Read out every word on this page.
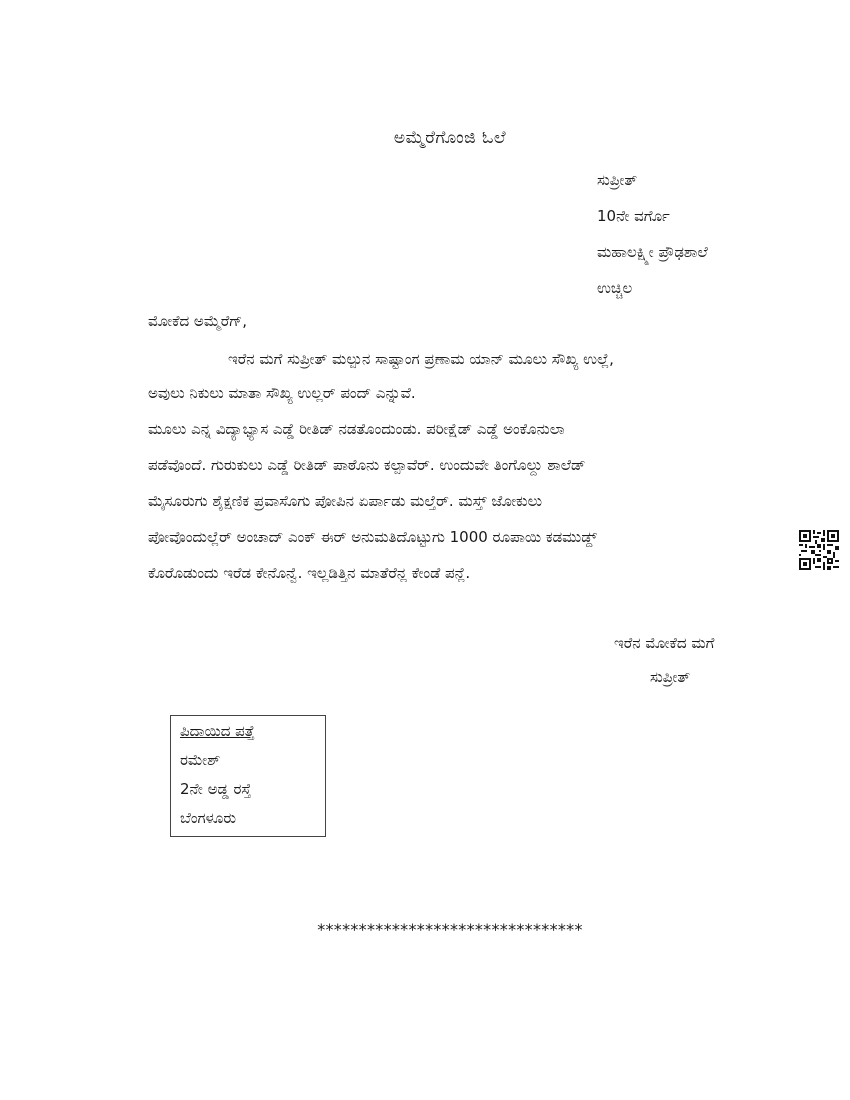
ಅಮ್ಮೆರೆಗೊಂಜಿ ಓಲೆ
ಸುಪ್ರೀತ್
10ನೇ ವರ್ಗೊ
ಮಹಾಲಕ್ಷ್ಮೀ ಪ್ರೌಢಶಾಲೆ
ಉಚ್ಚಿಲ
ಮೋಕೆದ ಅಮ್ಮೆರೆಗ್,
ಇರೆನ ಮಗೆ ಸುಪ್ರೀತ್ ಮಲ್ಪುನ ಸಾಷ್ಟಾಂಗ ಪ್ರಣಾಮ ಯಾನ್ ಮೂಲು ಸೌಖ್ಯ ಉಲ್ಲೆ,
ಅವುಲು ನಿಕುಲು ಮಾತಾ ಸೌಖ್ಯ ಉಲ್ಲರ್ ಪಂದ್ ಎನ್ನುವೆ.
ಮೂಲು ಎನ್ನ ವಿದ್ಯಾಭ್ಯಾಸ ಎಡ್ಡೆ ರೀತಿಡ್ ನಡತೊಂದುಂಡು. ಪರೀಕ್ಷೆಡ್ ಎಡ್ಡೆ ಅಂಕೊನುಲಾ
ಪಡೆವೊಂದೆ. ಗುರುಕುಲು ಎಡ್ಡೆ ರೀತಿಡ್ ಪಾಠೊನು ಕಲ್ಪಾವೆರ್. ಉಂದುವೇ ತಿಂಗೊಲ್ದು ಶಾಲೆಡ್
ಮೈಸೂರುಗು ಶೈಕ್ಷಣಿಕ ಪ್ರವಾಸೊಗು ಪೋಪಿನ ಏರ್ಪಾಡು ಮಲ್ತೆರ್. ಮಸ್ತ್ ಜೋಕುಲು
ಪೋವೊಂದುಲ್ಲೆರ್ ಅಂಚಾದ್ ಎಂಕ್ ಈರ್ ಅನುಮತಿದೊಟ್ಟುಗು 1000 ರೂಪಾಯಿ ಕಡಮುಡ್ದ್
ಕೊರೊಡುಂದು ಇರೆಡ ಕೇನೊನ್ವೆ. ಇಲ್ಲಡಿತ್ತಿನ ಮಾತೆರೆನ್ಲ ಕೇಂಡೆ ಪನ್ಲೆ.
ಇರೆನ ಮೋಕೆದ ಮಗೆ
ಸುಪ್ರೀತ್
ಪಿದಾಯಿದ ಪತ್ತೆ
ರಮೇಶ್
2ನೇ ಅಡ್ಡ ರಸ್ತೆ
ಬೆಂಗಳೂರು
********************************
